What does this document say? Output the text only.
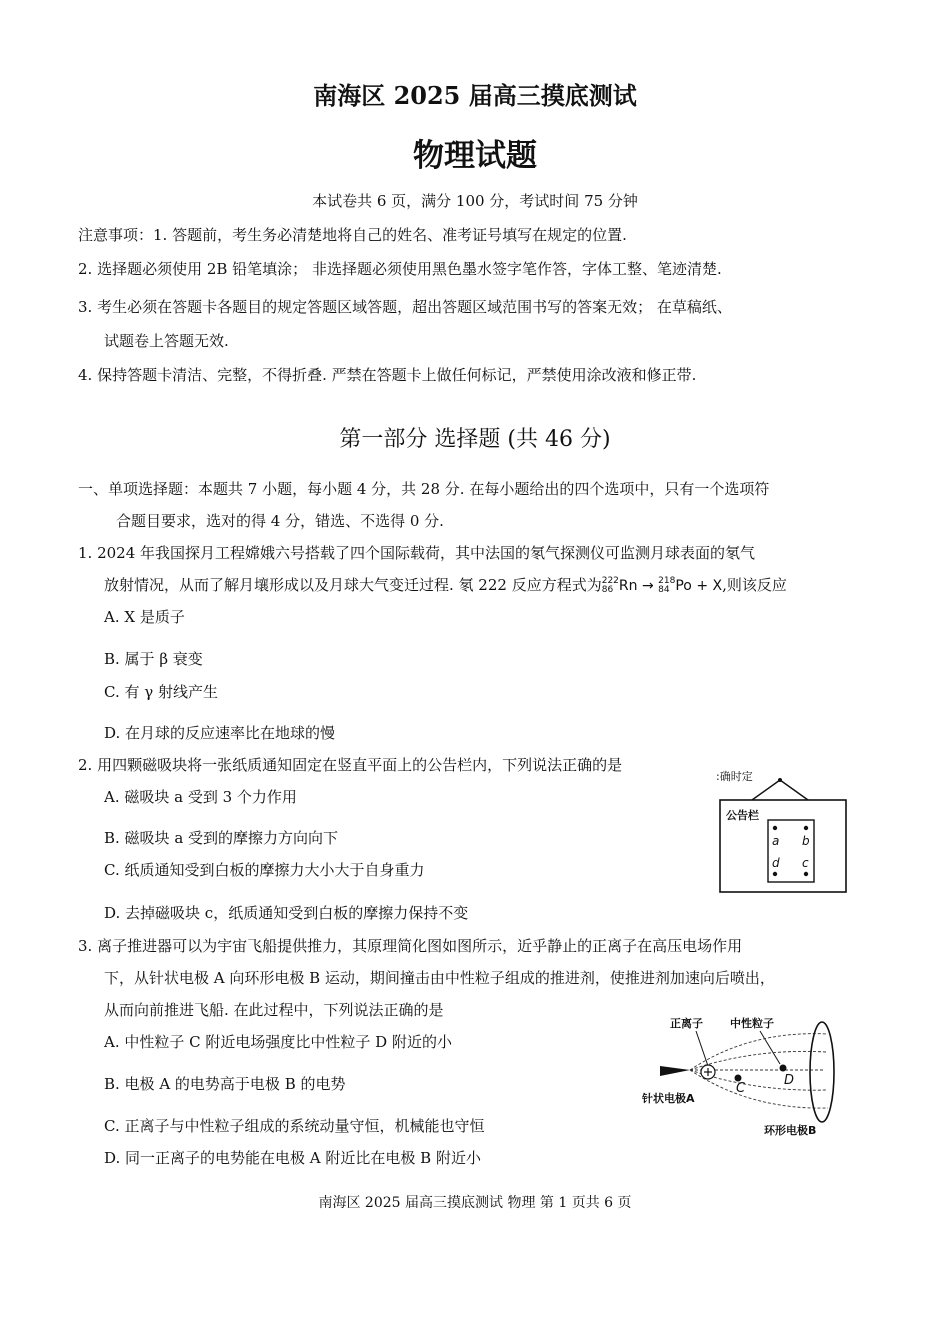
南海区 2025 届高三摸底测试
物理试题
本试卷共 6 页，满分 100 分，考试时间 75 分钟
注意事项：1. 答题前，考生务必清楚地将自己的姓名、准考证号填写在规定的位置.
2. 选择题必须使用 2B 铅笔填涂； 非选择题必须使用黑色墨水签字笔作答，字体工整、笔迹清楚.
3. 考生必须在答题卡各题目的规定答题区域答题，超出答题区域范围书写的答案无效； 在草稿纸、
试题卷上答题无效.
4. 保持答题卡清洁、完整，不得折叠. 严禁在答题卡上做任何标记，严禁使用涂改液和修正带.
第一部分 选择题 (共 46 分)
一、单项选择题：本题共 7 小题，每小题 4 分，共 28 分. 在每小题给出的四个选项中，只有一个选项符
合题目要求，选对的得 4 分，错选、不选得 0 分.
1. 2024 年我国探月工程嫦娥六号搭载了四个国际载荷，其中法国的氡气探测仪可监测月球表面的氡气
放射情况，从而了解月壤形成以及月球大气变迁过程. 氡 222 反应方程式为 222
86 Rn → 218
84 Po + X,则该反应
A. X 是质子
B. 属于 β 衰变
C. 有 γ 射线产生
D. 在月球的反应速率比在地球的慢
2. 用四颗磁吸块将一张纸质通知固定在竖直平面上的公告栏内，下列说法正确的是
A. 磁吸块 a 受到 3 个力作用
B. 磁吸块 a 受到的摩擦力方向向下
C. 纸质通知受到白板的摩擦力大小大于自身重力
D. 去掉磁吸块 c，纸质通知受到白板的摩擦力保持不变
:确时定
公告栏
a b
d c
3. 离子推进器可以为宇宙飞船提供推力，其原理简化图如图所示，近乎静止的正离子在高压电场作用
下，从针状电极 A 向环形电极 B 运动，期间撞击由中性粒子组成的推进剂，使推进剂加速向后喷出，
从而向前推进飞船. 在此过程中，下列说法正确的是
A. 中性粒子 C 附近电场强度比中性粒子 D 附近的小
B. 电极 A 的电势高于电极 B 的电势
C. 正离子与中性粒子组成的系统动量守恒，机械能也守恒
D. 同一正离子的电势能在电极 A 附近比在电极 B 附近小
正离子 中性粒子
C
D
针状电极A
环形电极B
南海区 2025 届高三摸底测试 物理 第 1 页共 6 页
